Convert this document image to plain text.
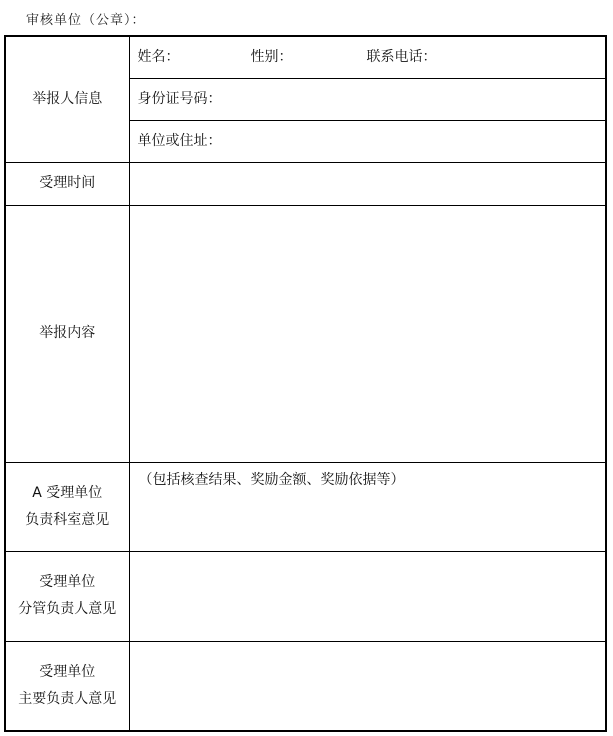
审核单位（公章）：
举报人信息	姓名： 性别： 联系电话：

	身份证号码：
	单位或住址：
受理时间	
举报内容	

A 受理单位
负责科室意见	（包括核查结果、奖励金额、奖励依据等）

受理单位
分管负责人意见	

受理单位
主要负责人意见	
